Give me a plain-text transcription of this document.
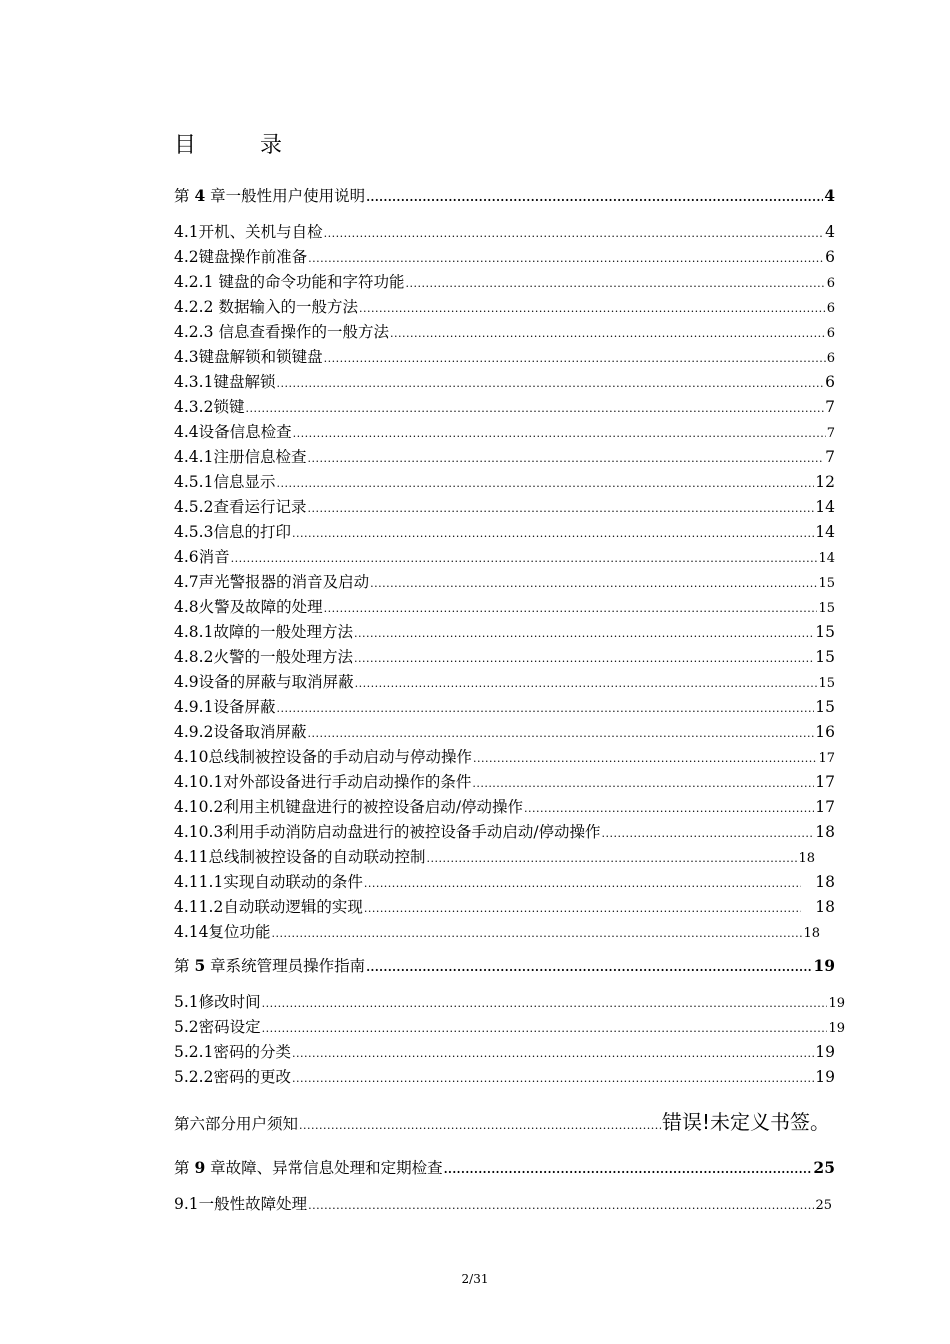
目	录
第 4 章 一般性用户使用说明 .....	4
4.1 开机、关机与自检 .....	4
4.2 键盘操作前准备 .....	6
4.2.1 键盘的命令功能和字符功能 .....	6
4.2.2 数据输入的一般方法 .....	6
4.2.3 信息查看操作的一般方法 .....	6
4.3 键盘解锁和锁键盘 .....	6
4.3.1 键盘解锁 .....	6
4.3.2 锁键 .....	7
4.4 设备信息检查 .....	7
4.4.1 注册信息检查 .....	7
4.5.1 信息显示 .....	12
4.5.2 查看运行记录 .....	14
4.5.3 信息的打印 .....	14
4.6 消音 .....	14
4.7 声光警报器的消音及启动 .....	15
4.8 火警及故障的处理 .....	15
4.8.1 故障的一般处理方法 .....	15
4.8.2 火警的一般处理方法 .....	15
4.9 设备的屏蔽与取消屏蔽 .....	15
4.9.1 设备屏蔽 .....	15
4.9.2 设备取消屏蔽 .....	16
4.10 总线制被控设备的手动启动与停动操作 .....	17
4.10.1 对外部设备进行手动启动操作的条件 .....	17
4.10.2 利用主机键盘进行的被控设备启动/停动操作 .....	17
4.10.3 利用手动消防启动盘进行的被控设备手动启动/停动操作 .....	18
4.11 总线制被控设备的自动联动控制 .....	18
4.11.1 实现自动联动的条件 .....	18
4.11.2 自动联动逻辑的实现 .....	18
4.14 复位功能 .....	18
第 5 章 系统管理员操作指南 .....	19
5.1 修改时间 .....	19
5.2 密码设定 .....	19
5.2.1 密码的分类 .....	19
5.2.2 密码的更改 .....	19
第六部分 用户须知 .....	错误!未定义书签。
第 9 章 故障、异常信息处理和定期检查 .....	25
9.1 一般性故障处理 .....	25
2/31
